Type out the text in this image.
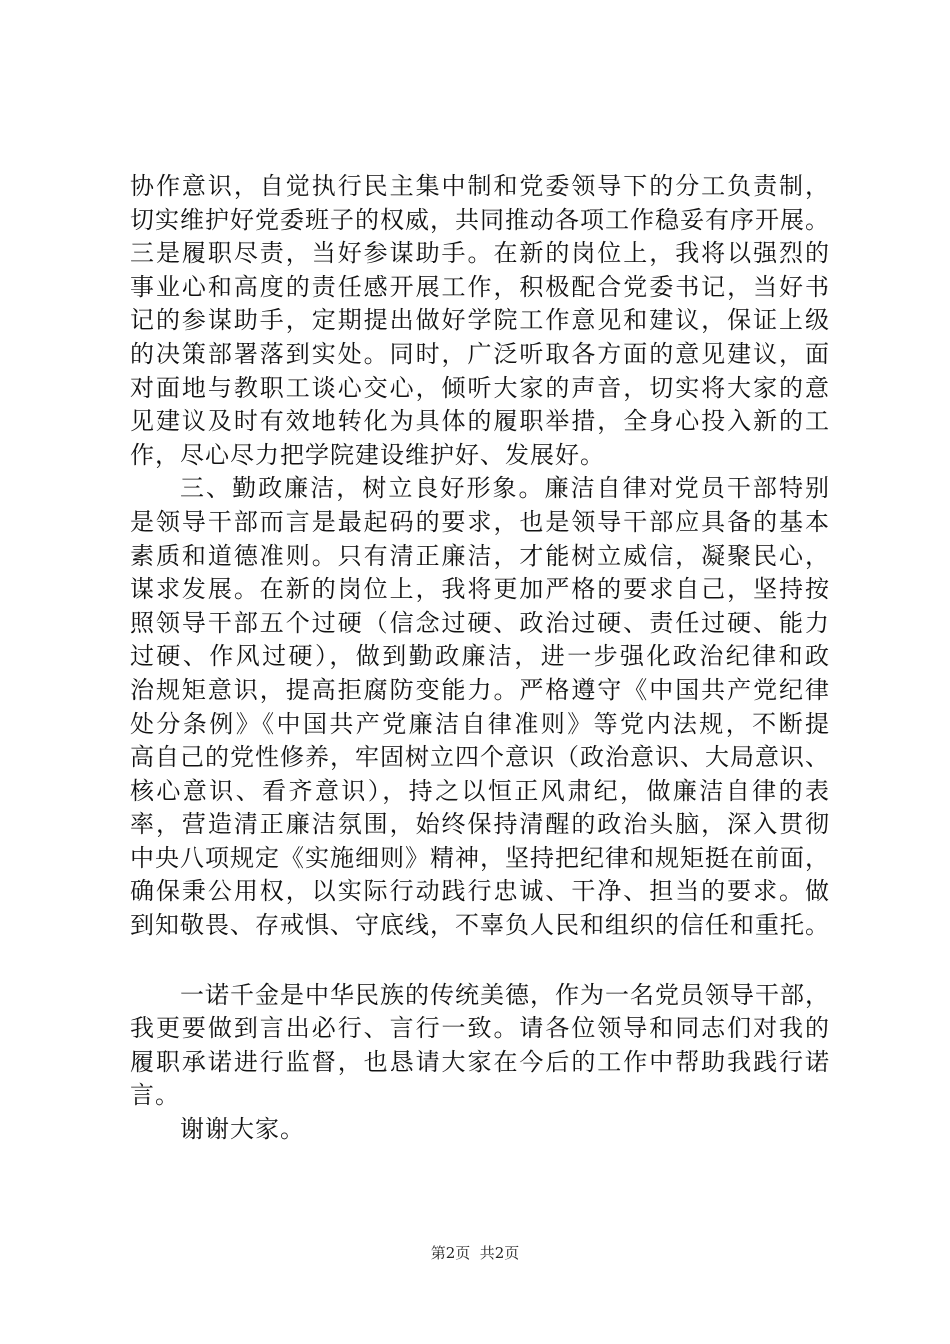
协作意识，自觉执行民主集中制和党委领导下的分工负责制，
切实维护好党委班子的权威，共同推动各项工作稳妥有序开展。
三是履职尽责，当好参谋助手。在新的岗位上，我将以强烈的
事业心和高度的责任感开展工作，积极配合党委书记，当好书
记的参谋助手，定期提出做好学院工作意见和建议，保证上级
的决策部署落到实处。同时，广泛听取各方面的意见建议，面
对面地与教职工谈心交心，倾听大家的声音，切实将大家的意
见建议及时有效地转化为具体的履职举措，全身心投入新的工
作，尽心尽力把学院建设维护好、发展好。
三、勤政廉洁，树立良好形象。廉洁自律对党员干部特别
是领导干部而言是最起码的要求，也是领导干部应具备的基本
素质和道德准则。只有清正廉洁，才能树立威信，凝聚民心，
谋求发展。在新的岗位上，我将更加严格的要求自己，坚持按
照领导干部五个过硬（信念过硬、政治过硬、责任过硬、能力
过硬、作风过硬），做到勤政廉洁，进一步强化政治纪律和政
治规矩意识，提高拒腐防变能力。严格遵守《中国共产党纪律
处分条例》《中国共产党廉洁自律准则》等党内法规，不断提
高自己的党性修养，牢固树立四个意识（政治意识、大局意识、
核心意识、看齐意识），持之以恒正风肃纪，做廉洁自律的表
率，营造清正廉洁氛围，始终保持清醒的政治头脑，深入贯彻
中央八项规定《实施细则》精神，坚持把纪律和规矩挺在前面，
确保秉公用权，以实际行动践行忠诚、干净、担当的要求。做
到知敬畏、存戒惧、守底线，不辜负人民和组织的信任和重托。
一诺千金是中华民族的传统美德，作为一名党员领导干部，
我更要做到言出必行、言行一致。请各位领导和同志们对我的
履职承诺进行监督，也恳请大家在今后的工作中帮助我践行诺
言。
谢谢大家。
第2页  共2页
